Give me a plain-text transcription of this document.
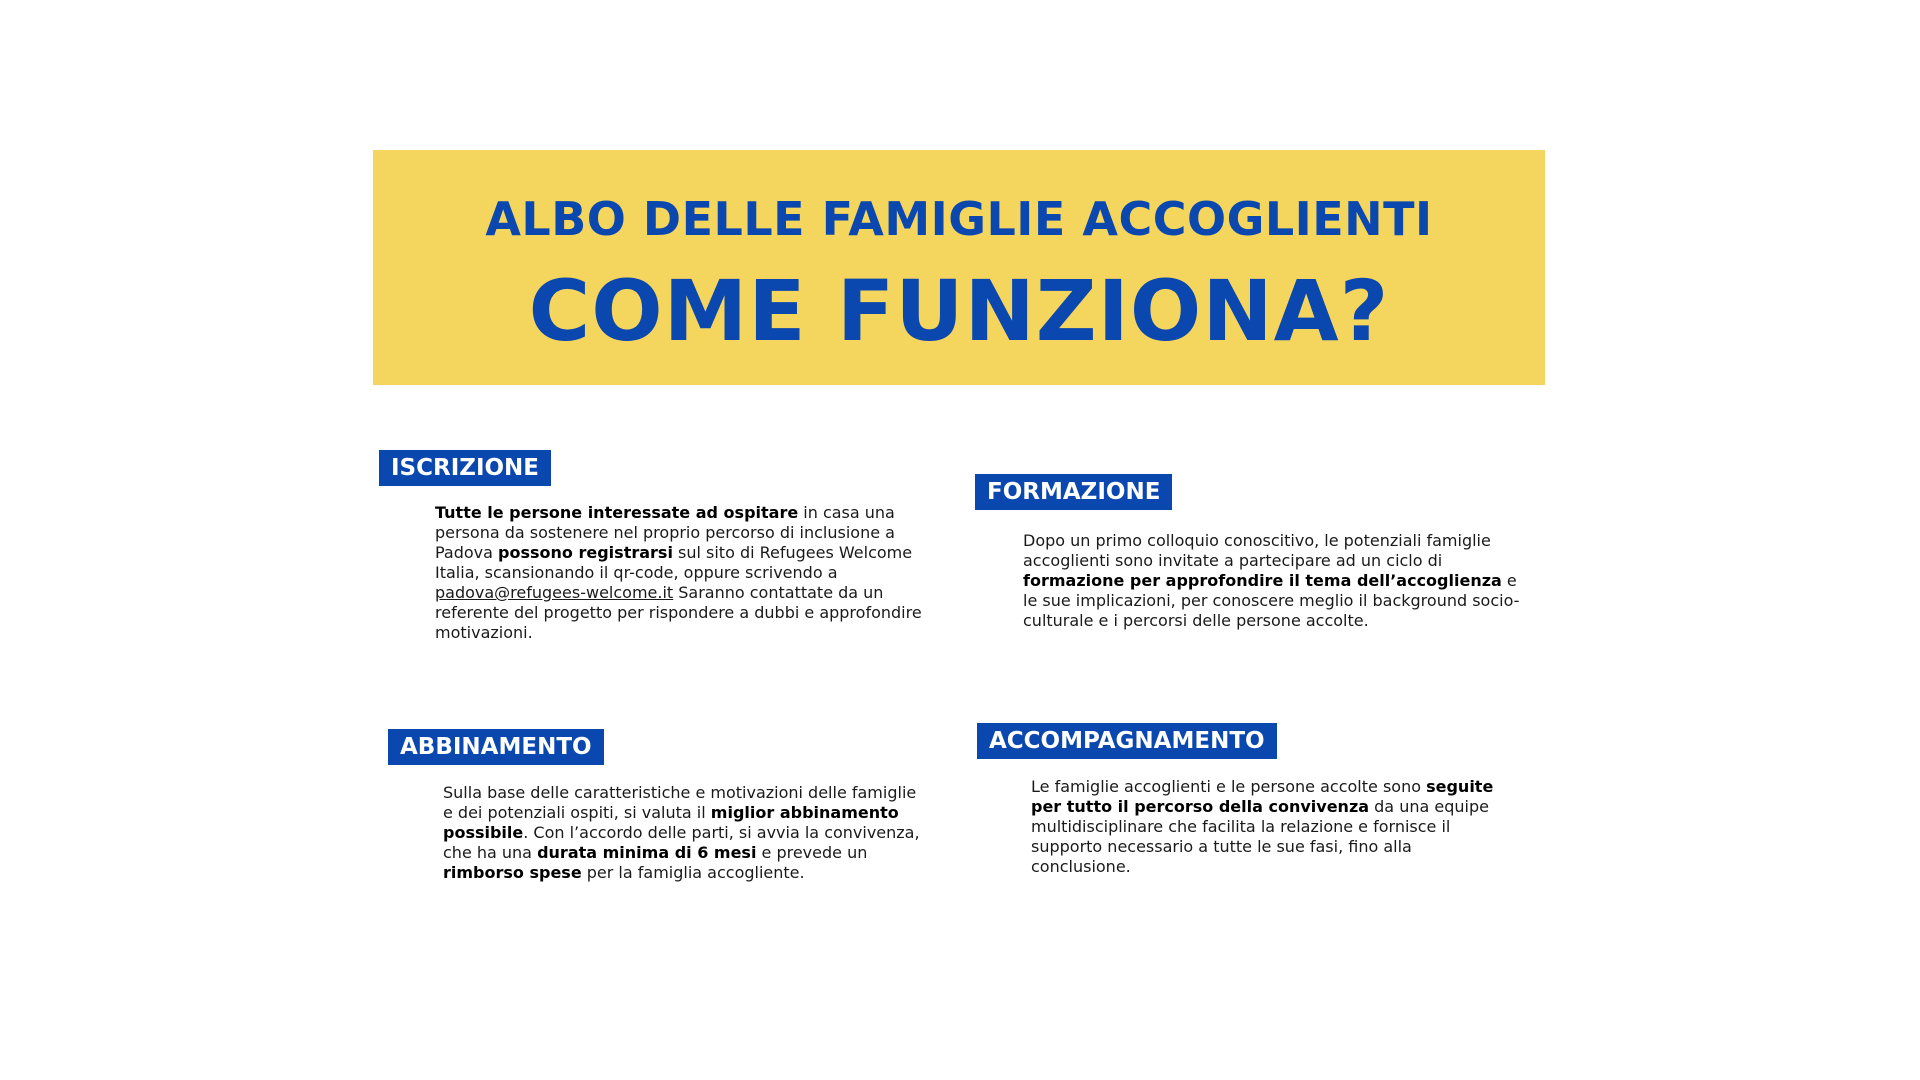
ALBO DELLE FAMIGLIE ACCOGLIENTI
COME FUNZIONA?
ISCRIZIONE
Tutte le persone interessate ad ospitare in casa una persona da sostenere nel proprio percorso di inclusione a Padova possono registrarsi sul sito di Refugees Welcome Italia, scansionando il qr-code, oppure scrivendo a padova@refugees-welcome.it Saranno contattate da un referente del progetto per rispondere a dubbi e approfondire motivazioni.
FORMAZIONE
Dopo un primo colloquio conoscitivo, le potenziali famiglie accoglienti sono invitate a partecipare ad un ciclo di formazione per approfondire il tema dell’accoglienza e le sue implicazioni, per conoscere meglio il background socio-culturale e i percorsi delle persone accolte.
ABBINAMENTO
Sulla base delle caratteristiche e motivazioni delle famiglie e dei potenziali ospiti, si valuta il miglior abbinamento possibile. Con l’accordo delle parti, si avvia la convivenza, che ha una durata minima di 6 mesi e prevede un rimborso spese per la famiglia accogliente.
ACCOMPAGNAMENTO
Le famiglie accoglienti e le persone accolte sono seguite per tutto il percorso della convivenza da una equipe multidisciplinare che facilita la relazione e fornisce il supporto necessario a tutte le sue fasi, fino alla conclusione.
